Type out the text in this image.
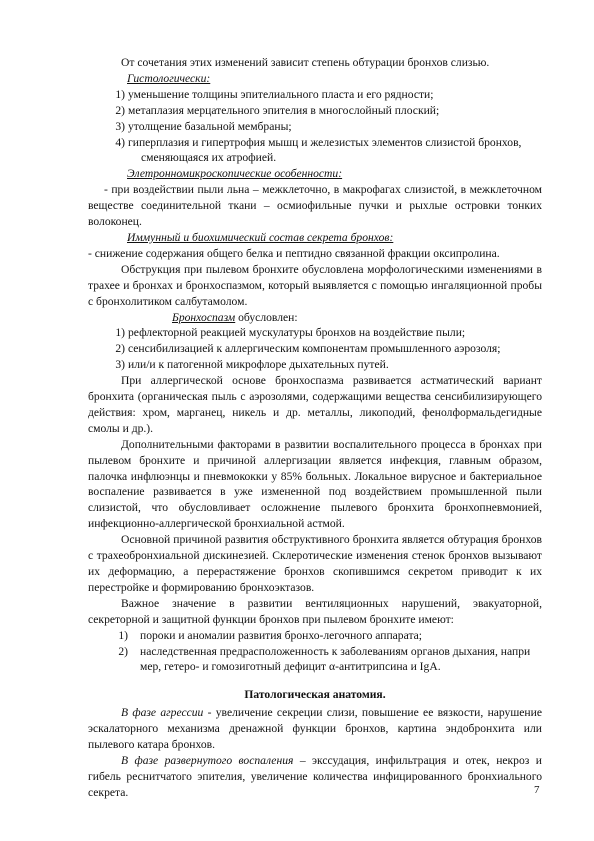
От сочетания этих изменений зависит степень обтурации бронхов слизью.

Гистологически:

1) уменьшение толщины эпителиального пласта и его рядности;
2) метаплазия мерцательного эпителия в многослойный плоский;
3) утолщение базальной мембраны;
4) гиперплазия и гипертрофия мышц и железистых элементов слизистой бронхов,

сменяющаяся их атрофией.

Элетронномикроскопические особенности:

- при воздействии пыли льна – межклеточно, в макрофагах слизистой, в межклеточном веществе соединительной ткани – осмиофильные пучки и рыхлые островки тонких волоконец.

Иммунный и биохимический состав секрета бронхов:

- снижение содержания общего белка и пептидно связанной фракции оксипролина.

Обструкция при пылевом бронхите обусловлена морфологическими изменениями в трахее и бронхах и бронхоспазмом, который выявляется с помощью ингаляционной пробы с бронхолитиком салбутамолом.

Бронхоспазм обусловлен:

1) рефлекторной реакцией мускулатуры бронхов на воздействие пыли;
2) сенсибилизацией к аллергическим компонентам промышленного аэрозоля;
3) или/и к патогенной микрофлоре дыхательных путей.

При аллергической основе бронхоспазма развивается астматический вариант бронхита (органическая пыль с аэрозолями, содержащими вещества сенсибилизирующего действия: хром, марганец, никель и др. металлы, ликоподий, фенолформальдегидные смолы и др.).

Дополнительными факторами в развитии воспалительного процесса в бронхах при пылевом бронхите и причиной аллергизации является инфекция, главным образом, палочка инфлюэнцы и пневмококки у 85% больных. Локальное вирусное и бактериальное воспаление развивается в уже измененной под воздействием промышленной пыли слизистой, что обусловливает осложнение пылевого бронхита бронхопневмонией, инфекционно-аллергической бронхиальной астмой.

Основной причиной развития обструктивного бронхита является обтурация бронхов с трахеобронхиальной дискинезией. Склеротические изменения стенок бронхов вызывают их деформацию, а перерастяжение бронхов скопившимся секретом приводит к их перестройке и формированию бронхоэктазов.

Важное значение в развитии вентиляционных нарушений, эвакуаторной, секреторной и защитной функции бронхов при пылевом бронхите имеют:

1)	пороки и аномалии развития бронхо-легочного аппарата;
2)	наследственная предрасположенность к заболеваниям органов дыхания, напри мер, гетеро- и гомозиготный дефицит α-антитрипсина и IgA.

Патологическая анатомия.

В фазе агрессии - увеличение секреции слизи, повышение ее вязкости, нарушение эскалаторного механизма дренажной функции бронхов, картина эндобронхита или пылевого катара бронхов.

В фазе развернутого воспаления – экссудация, инфильтрация и отек, некроз и гибель реснитчатого эпителия, увеличение количества инфицированного бронхиального секрета.	7
